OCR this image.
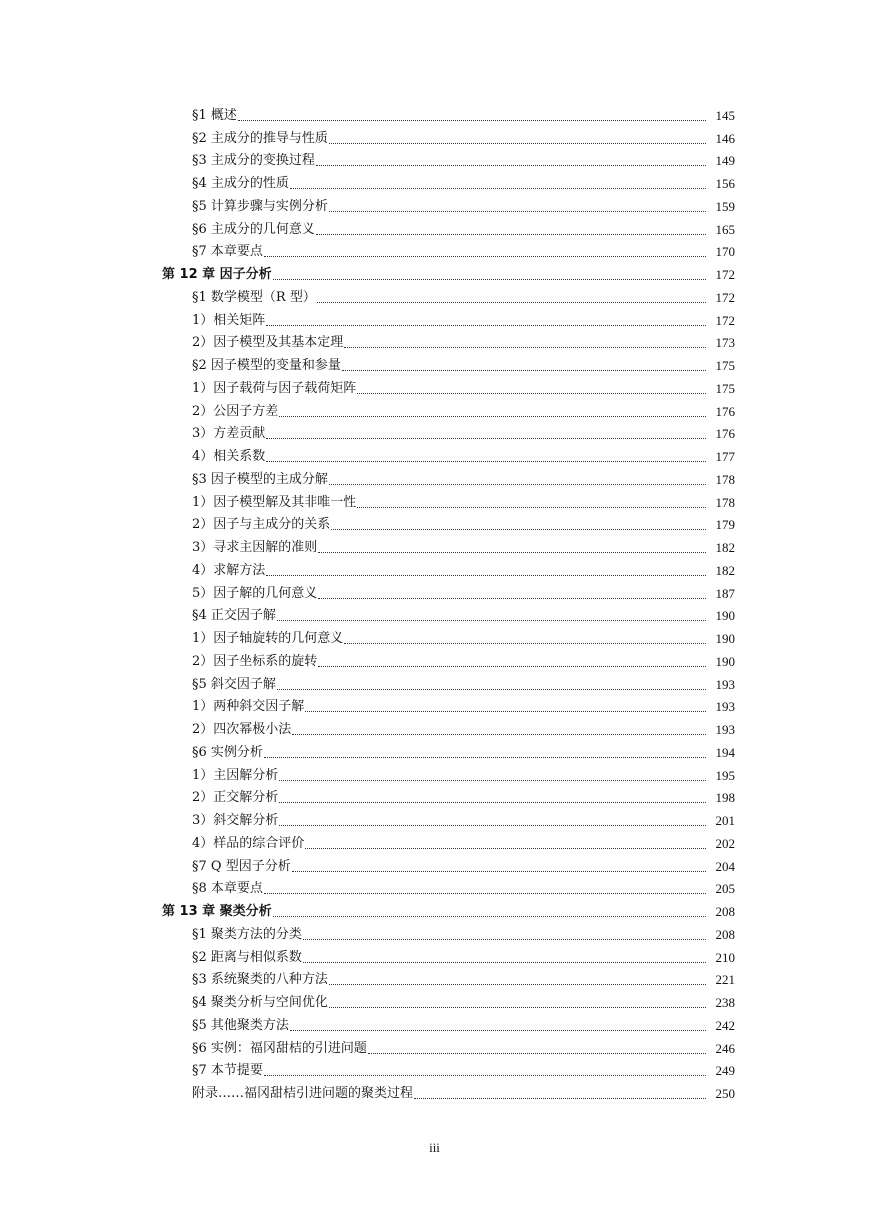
§1 概述	145
§2 主成分的推导与性质	146
§3 主成分的变换过程	149
§4 主成分的性质	156
§5 计算步骤与实例分析	159
§6 主成分的几何意义	165
§7 本章要点	170
第 12 章 因子分析	172
§1 数学模型（R 型）	172
1）相关矩阵	172
2）因子模型及其基本定理	173
§2 因子模型的变量和参量	175
1）因子载荷与因子载荷矩阵	175
2）公因子方差	176
3）方差贡献	176
4）相关系数	177
§3 因子模型的主成分解	178
1）因子模型解及其非唯一性	178
2）因子与主成分的关系	179
3）寻求主因解的准则	182
4）求解方法	182
5）因子解的几何意义	187
§4 正交因子解	190
1）因子轴旋转的几何意义	190
2）因子坐标系的旋转	190
§5 斜交因子解	193
1）两种斜交因子解	193
2）四次幂极小法	193
§6 实例分析	194
1）主因解分析	195
2）正交解分析	198
3）斜交解分析	201
4）样品的综合评价	202
§7 Q 型因子分析	204
§8 本章要点	205
第 13 章 聚类分析	208
§1 聚类方法的分类	208
§2 距离与相似系数	210
§3 系统聚类的八种方法	221
§4 聚类分析与空间优化	238
§5 其他聚类方法	242
§6 实例：福冈甜桔的引进问题	246
§7 本节提要	249
附录……福冈甜桔引进问题的聚类过程	250
iii
